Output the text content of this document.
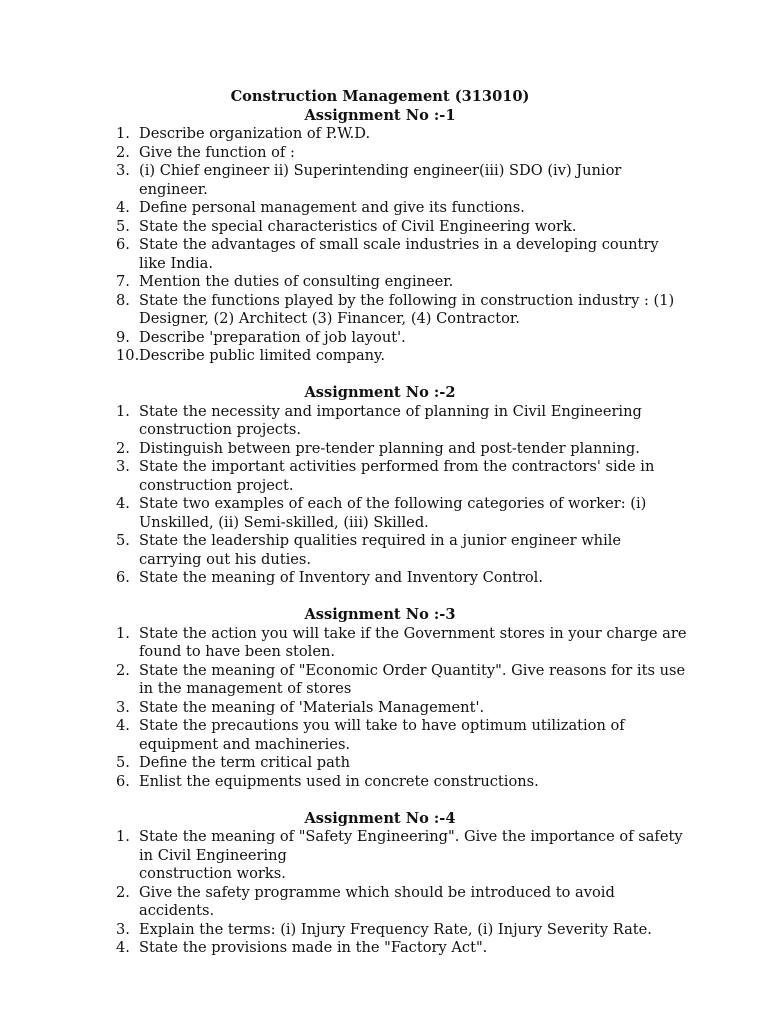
Construction Management (313010)

Assignment No :-1

1. Describe organization of P.W.D.
2. Give the function of :
3. (i) Chief engineer ii) Superintending engineer(iii) SDO (iv) Junior engineer.
4. Define personal management and give its functions.
5. State the special characteristics of Civil Engineering work.
6. State the advantages of small scale industries in a developing country like India.
7. Mention the duties of consulting engineer.
8. State the functions played by the following in construction industry : (1) Designer, (2) Architect (3) Financer, (4) Contractor.
9. Describe 'preparation of job layout'.
10. Describe public limited company.

Assignment No :-2

1. State the necessity and importance of planning in Civil Engineering construction projects.
2. Distinguish between pre-tender planning and post-tender planning.
3. State the important activities performed from the contractors' side in construction project.
4. State two examples of each of the following categories of worker: (i) Unskilled, (ii) Semi-skilled, (iii) Skilled.
5. State the leadership qualities required in a junior engineer while carrying out his duties.
6. State the meaning of Inventory and Inventory Control.

Assignment No :-3

1. State the action you will take if the Government stores in your charge are found to have been stolen.
2. State the meaning of "Economic Order Quantity". Give reasons for its use in the management of stores
3. State the meaning of 'Materials Management'.
4. State the precautions you will take to have optimum utilization of equipment and machineries.
5. Define the term critical path
6. Enlist the equipments used in concrete constructions.

Assignment No :-4

1. State the meaning of "Safety Engineering". Give the importance of safety in Civil Engineering
construction works.
2. Give the safety programme which should be introduced to avoid accidents.
3. Explain the terms: (i) Injury Frequency Rate, (i) Injury Severity Rate.
4. State the provisions made in the "Factory Act".
